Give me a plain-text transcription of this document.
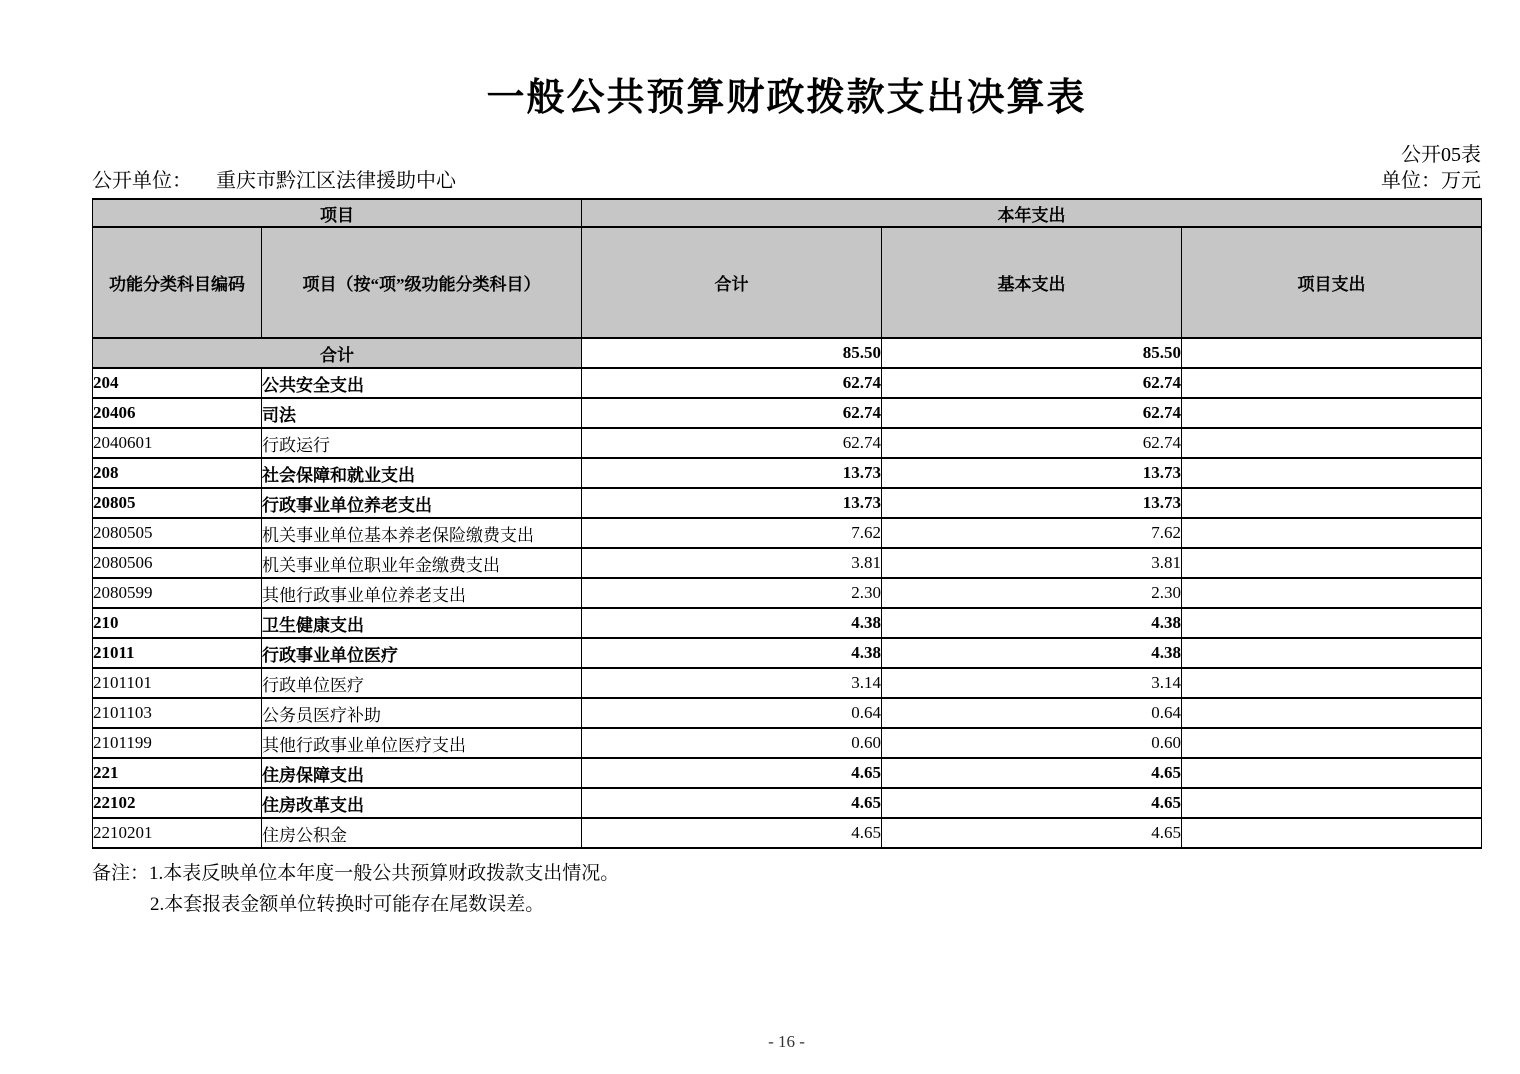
一般公共预算财政拨款支出决算表
公开05表
公开单位： 重庆市黔江区法律援助中心	单位：万元
项目		本年支出		
功能分类科目编码	项目（按“项”级功能分类科目）	合计	基本支出	项目支出
合计		85.50	85.50	
204	公共安全支出	62.74	62.74	
20406	司法	62.74	62.74	
2040601	行政运行	62.74	62.74	
208	社会保障和就业支出	13.73	13.73	
20805	行政事业单位养老支出	13.73	13.73	
2080505	机关事业单位基本养老保险缴费支出	7.62	7.62	
2080506	机关事业单位职业年金缴费支出	3.81	3.81	
2080599	其他行政事业单位养老支出	2.30	2.30	
210	卫生健康支出	4.38	4.38	
21011	行政事业单位医疗	4.38	4.38	
2101101	行政单位医疗	3.14	3.14	
2101103	公务员医疗补助	0.64	0.64	
2101199	其他行政事业单位医疗支出	0.60	0.60	
221	住房保障支出	4.65	4.65	
22102	住房改革支出	4.65	4.65	
2210201	住房公积金	4.65	4.65	
备注：1.本表反映单位本年度一般公共预算财政拨款支出情况。
2.本套报表金额单位转换时可能存在尾数误差。
- 16 -
